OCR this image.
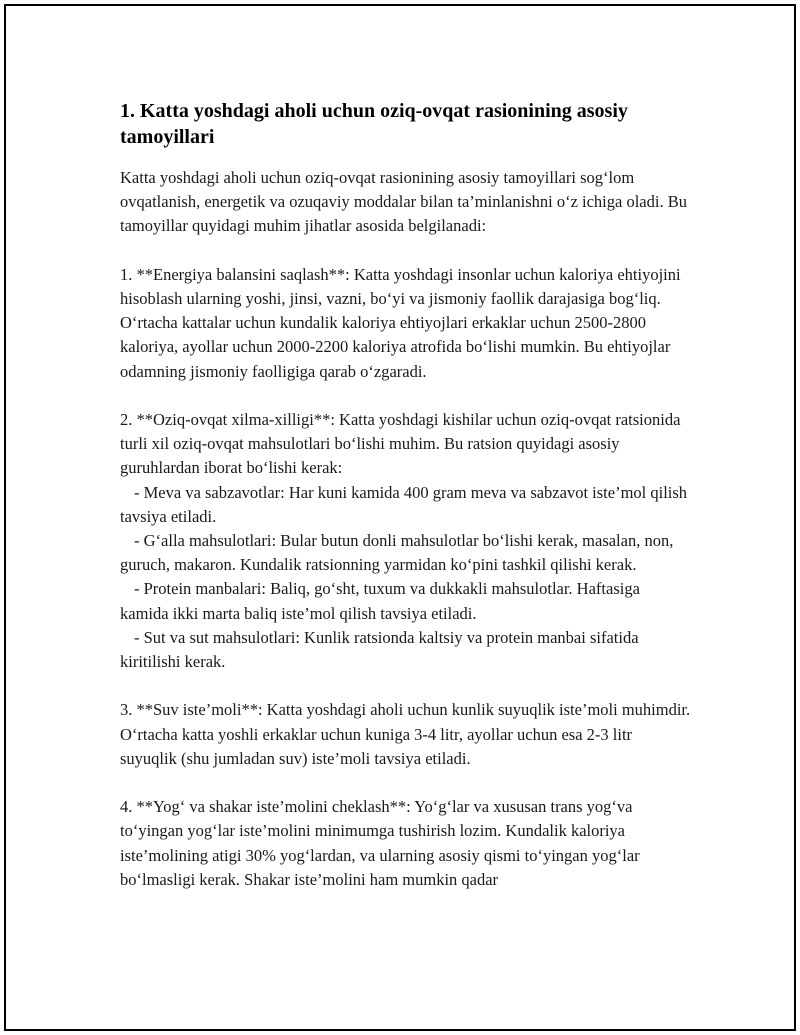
1. Katta yoshdagi aholi uchun oziq-ovqat rasionining asosiy tamoyillari

Katta yoshdagi aholi uchun oziq-ovqat rasionining asosiy tamoyillari sog‘lom ovqatlanish, energetik va ozuqaviy moddalar bilan ta’minlanishni o‘z ichiga oladi. Bu tamoyillar quyidagi muhim jihatlar asosida belgilanadi:

1. **Energiya balansini saqlash**: Katta yoshdagi insonlar uchun kaloriya ehtiyojini hisoblash ularning yoshi, jinsi, vazni, bo‘yi va jismoniy faollik darajasiga bog‘liq. O‘rtacha kattalar uchun kundalik kaloriya ehtiyojlari erkaklar uchun 2500-2800 kaloriya, ayollar uchun 2000-2200 kaloriya atrofida bo‘lishi mumkin. Bu ehtiyojlar odamning jismoniy faolligiga qarab o‘zgaradi.

2. **Oziq-ovqat xilma-xilligi**: Katta yoshdagi kishilar uchun oziq-ovqat ratsionida turli xil oziq-ovqat mahsulotlari bo‘lishi muhim. Bu ratsion quyidagi asosiy guruhlardan iborat bo‘lishi kerak:
- Meva va sabzavotlar: Har kuni kamida 400 gram meva va sabzavot iste’mol qilish tavsiya etiladi.
- G‘alla mahsulotlari: Bular butun donli mahsulotlar bo‘lishi kerak, masalan, non, guruch, makaron. Kundalik ratsionning yarmidan ko‘pini tashkil qilishi kerak.
- Protein manbalari: Baliq, go‘sht, tuxum va dukkakli mahsulotlar. Haftasiga kamida ikki marta baliq iste’mol qilish tavsiya etiladi.
- Sut va sut mahsulotlari: Kunlik ratsionda kaltsiy va protein manbai sifatida kiritilishi kerak.

3. **Suv iste’moli**: Katta yoshdagi aholi uchun kunlik suyuqlik iste’moli muhimdir. O‘rtacha katta yoshli erkaklar uchun kuniga 3-4 litr, ayollar uchun esa 2-3 litr suyuqlik (shu jumladan suv) iste’moli tavsiya etiladi.

4. **Yog‘ va shakar iste’molini cheklash**: Yo‘g‘lar va xususan trans yog‘va to‘yingan yog‘lar iste’molini minimumga tushirish lozim. Kundalik kaloriya iste’molining atigi 30% yog‘lardan, va ularning asosiy qismi to‘yingan yog‘lar bo‘lmasligi kerak. Shakar iste’molini ham mumkin qadar
